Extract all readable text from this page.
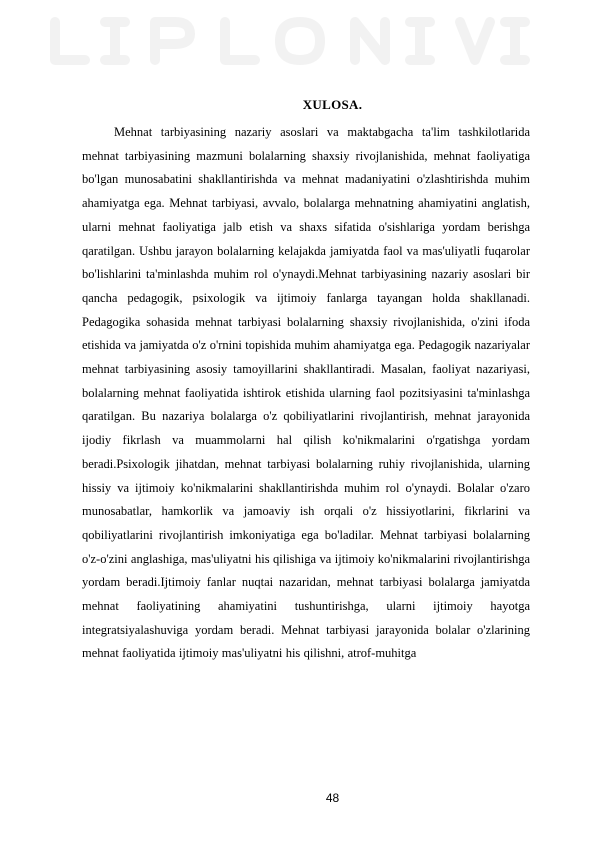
XULOSA.

Mehnat tarbiyasining nazariy asoslari va maktabgacha ta'lim tashkilotlarida mehnat tarbiyasining mazmuni bolalarning shaxsiy rivojlanishida, mehnat faoliyatiga bo'lgan munosabatini shakllantirishda va mehnat madaniyatini o'zlashtirishda muhim ahamiyatga ega. Mehnat tarbiyasi, avvalo, bolalarga mehnatning ahamiyatini anglatish, ularni mehnat faoliyatiga jalb etish va shaxs sifatida o'sishlariga yordam berishga qaratilgan. Ushbu jarayon bolalarning kelajakda jamiyatda faol va mas'uliyatli fuqarolar bo'lishlarini ta'minlashda muhim rol o'ynaydi.Mehnat tarbiyasining nazariy asoslari bir qancha pedagogik, psixologik va ijtimoiy fanlarga tayangan holda shakllanadi. Pedagogika sohasida mehnat tarbiyasi bolalarning shaxsiy rivojlanishida, o'zini ifoda etishida va jamiyatda o'z o'rnini topishida muhim ahamiyatga ega. Pedagogik nazariyalar mehnat tarbiyasining asosiy tamoyillarini shakllantiradi. Masalan, faoliyat nazariyasi, bolalarning mehnat faoliyatida ishtirok etishida ularning faol pozitsiyasini ta'minlashga qaratilgan. Bu nazariya bolalarga o'z qobiliyatlarini rivojlantirish, mehnat jarayonida ijodiy fikrlash va muammolarni hal qilish ko'nikmalarini o'rgatishga yordam beradi.Psixologik jihatdan, mehnat tarbiyasi bolalarning ruhiy rivojlanishida, ularning hissiy va ijtimoiy ko'nikmalarini shakllantirishda muhim rol o'ynaydi. Bolalar o'zaro munosabatlar, hamkorlik va jamoaviy ish orqali o'z hissiyotlarini, fikrlarini va qobiliyatlarini rivojlantirish imkoniyatiga ega bo'ladilar. Mehnat tarbiyasi bolalarning o'z-o'zini anglashiga, mas'uliyatni his qilishiga va ijtimoiy ko'nikmalarini rivojlantirishga yordam beradi.Ijtimoiy fanlar nuqtai nazaridan, mehnat tarbiyasi bolalarga jamiyatda mehnat faoliyatining ahamiyatini tushuntirishga, ularni ijtimoiy hayotga integratsiyalashuviga yordam beradi. Mehnat tarbiyasi jarayonida bolalar o'zlarining mehnat faoliyatida ijtimoiy mas'uliyatni his qilishni, atrof-muhitga

48
